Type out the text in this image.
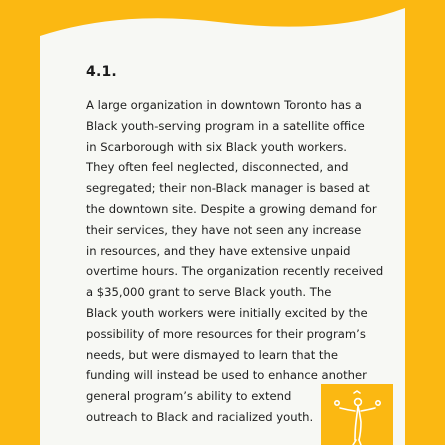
4.1.

A large organization in downtown Toronto has a
Black youth-serving program in a satellite office
in Scarborough with six Black youth workers.
They often feel neglected, disconnected, and
segregated; their non-Black manager is based at
the downtown site. Despite a growing demand for
their services, they have not seen any increase
in resources, and they have extensive unpaid
overtime hours. The organization recently received
a $35,000 grant to serve Black youth. The
Black youth workers were initially excited by the
possibility of more resources for their program’s
needs, but were dismayed to learn that the
funding will instead be used to enhance another
general program’s ability to extend
outreach to Black and racialized youth.
